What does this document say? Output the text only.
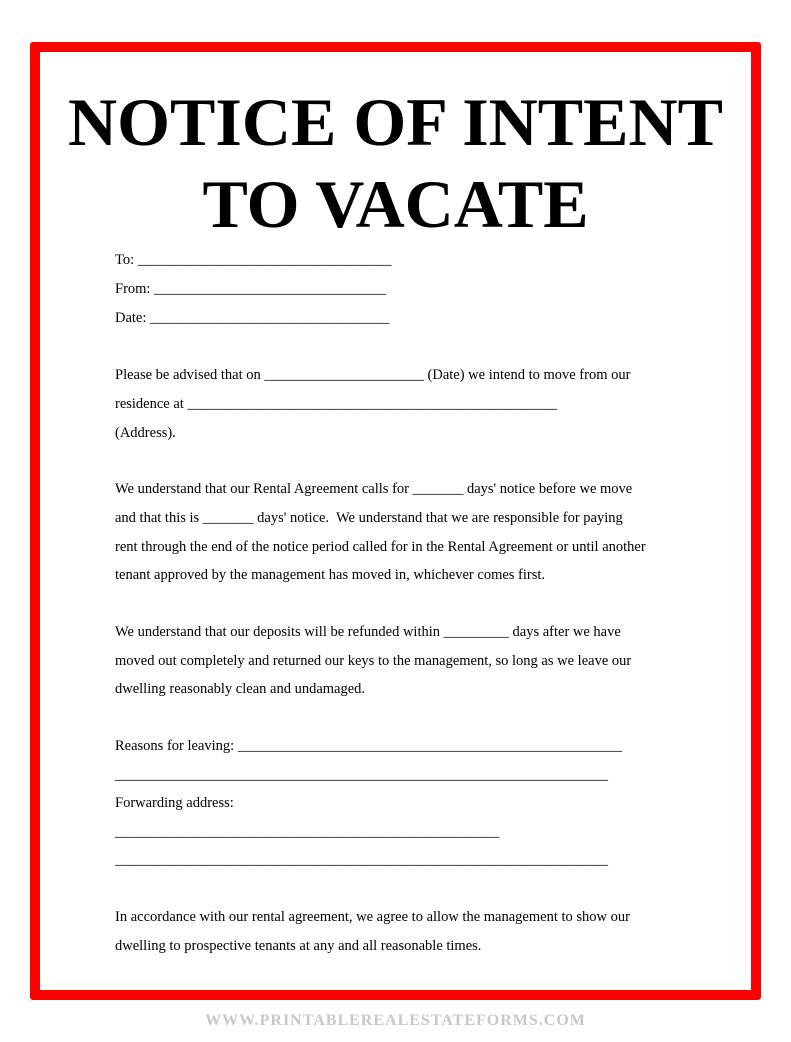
NOTICE OF INTENT
TO VACATE
To: ___________________________________
From: ________________________________
Date: _________________________________
Please be advised that on ______________________ (Date) we intend to move from our
residence at ___________________________________________________
(Address).
We understand that our Rental Agreement calls for _______ days' notice before we move
and that this is _______ days' notice.  We understand that we are responsible for paying
rent through the end of the notice period called for in the Rental Agreement or until another
tenant approved by the management has moved in, whichever comes first.
We understand that our deposits will be refunded within _________ days after we have
moved out completely and returned our keys to the management, so long as we leave our
dwelling reasonably clean and undamaged.
Reasons for leaving: _____________________________________________________
____________________________________________________________________
Forwarding address:
_____________________________________________________
____________________________________________________________________
In accordance with our rental agreement, we agree to allow the management to show our
dwelling to prospective tenants at any and all reasonable times.
WWW.PRINTABLEREALESTATEFORMS.COM
